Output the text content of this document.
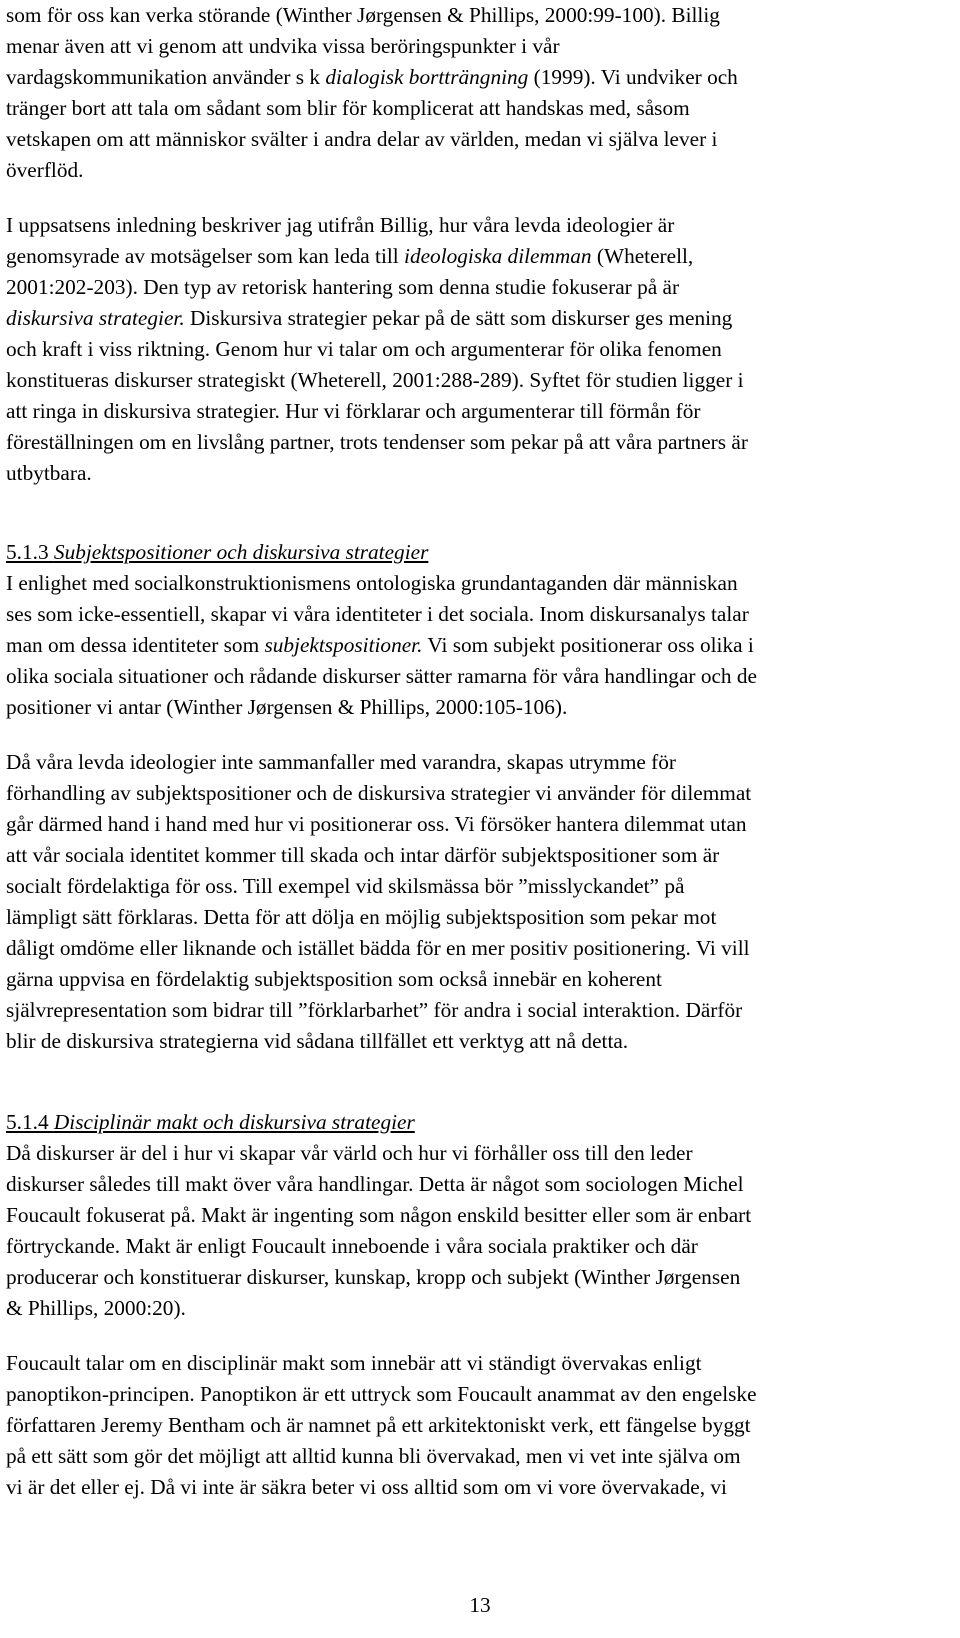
som för oss kan verka störande (Winther Jørgensen & Phillips, 2000:99-100). Billig
menar även att vi genom att undvika vissa beröringspunkter i vår
vardagskommunikation använder s k dialogisk bortträngning (1999). Vi undviker och
tränger bort att tala om sådant som blir för komplicerat att handskas med, såsom
vetskapen om att människor svälter i andra delar av världen, medan vi själva lever i
överflöd.
I uppsatsens inledning beskriver jag utifrån Billig, hur våra levda ideologier är
genomsyrade av motsägelser som kan leda till ideologiska dilemman (Wheterell,
2001:202-203). Den typ av retorisk hantering som denna studie fokuserar på är
diskursiva strategier. Diskursiva strategier pekar på de sätt som diskurser ges mening
och kraft i viss riktning. Genom hur vi talar om och argumenterar för olika fenomen
konstitueras diskurser strategiskt (Wheterell, 2001:288-289). Syftet för studien ligger i
att ringa in diskursiva strategier. Hur vi förklarar och argumenterar till förmån för
föreställningen om en livslång partner, trots tendenser som pekar på att våra partners är
utbytbara.
5.1.3 Subjektspositioner och diskursiva strategier
I enlighet med socialkonstruktionismens ontologiska grundantaganden där människan
ses som icke-essentiell, skapar vi våra identiteter i det sociala. Inom diskursanalys talar
man om dessa identiteter som subjektspositioner. Vi som subjekt positionerar oss olika i
olika sociala situationer och rådande diskurser sätter ramarna för våra handlingar och de
positioner vi antar (Winther Jørgensen & Phillips, 2000:105-106).
Då våra levda ideologier inte sammanfaller med varandra, skapas utrymme för
förhandling av subjektspositioner och de diskursiva strategier vi använder för dilemmat
går därmed hand i hand med hur vi positionerar oss. Vi försöker hantera dilemmat utan
att vår sociala identitet kommer till skada och intar därför subjektspositioner som är
socialt fördelaktiga för oss. Till exempel vid skilsmässa bör ”misslyckandet” på
lämpligt sätt förklaras. Detta för att dölja en möjlig subjektsposition som pekar mot
dåligt omdöme eller liknande och istället bädda för en mer positiv positionering. Vi vill
gärna uppvisa en fördelaktig subjektsposition som också innebär en koherent
självrepresentation som bidrar till ”förklarbarhet” för andra i social interaktion. Därför
blir de diskursiva strategierna vid sådana tillfället ett verktyg att nå detta.
5.1.4 Disciplinär makt och diskursiva strategier
Då diskurser är del i hur vi skapar vår värld och hur vi förhåller oss till den leder
diskurser således till makt över våra handlingar. Detta är något som sociologen Michel
Foucault fokuserat på. Makt är ingenting som någon enskild besitter eller som är enbart
förtryckande. Makt är enligt Foucault inneboende i våra sociala praktiker och där
producerar och konstituerar diskurser, kunskap, kropp och subjekt (Winther Jørgensen
& Phillips, 2000:20).
Foucault talar om en disciplinär makt som innebär att vi ständigt övervakas enligt
panoptikon-principen. Panoptikon är ett uttryck som Foucault anammat av den engelske
författaren Jeremy Bentham och är namnet på ett arkitektoniskt verk, ett fängelse byggt
på ett sätt som gör det möjligt att alltid kunna bli övervakad, men vi vet inte själva om
vi är det eller ej. Då vi inte är säkra beter vi oss alltid som om vi vore övervakade, vi
13
